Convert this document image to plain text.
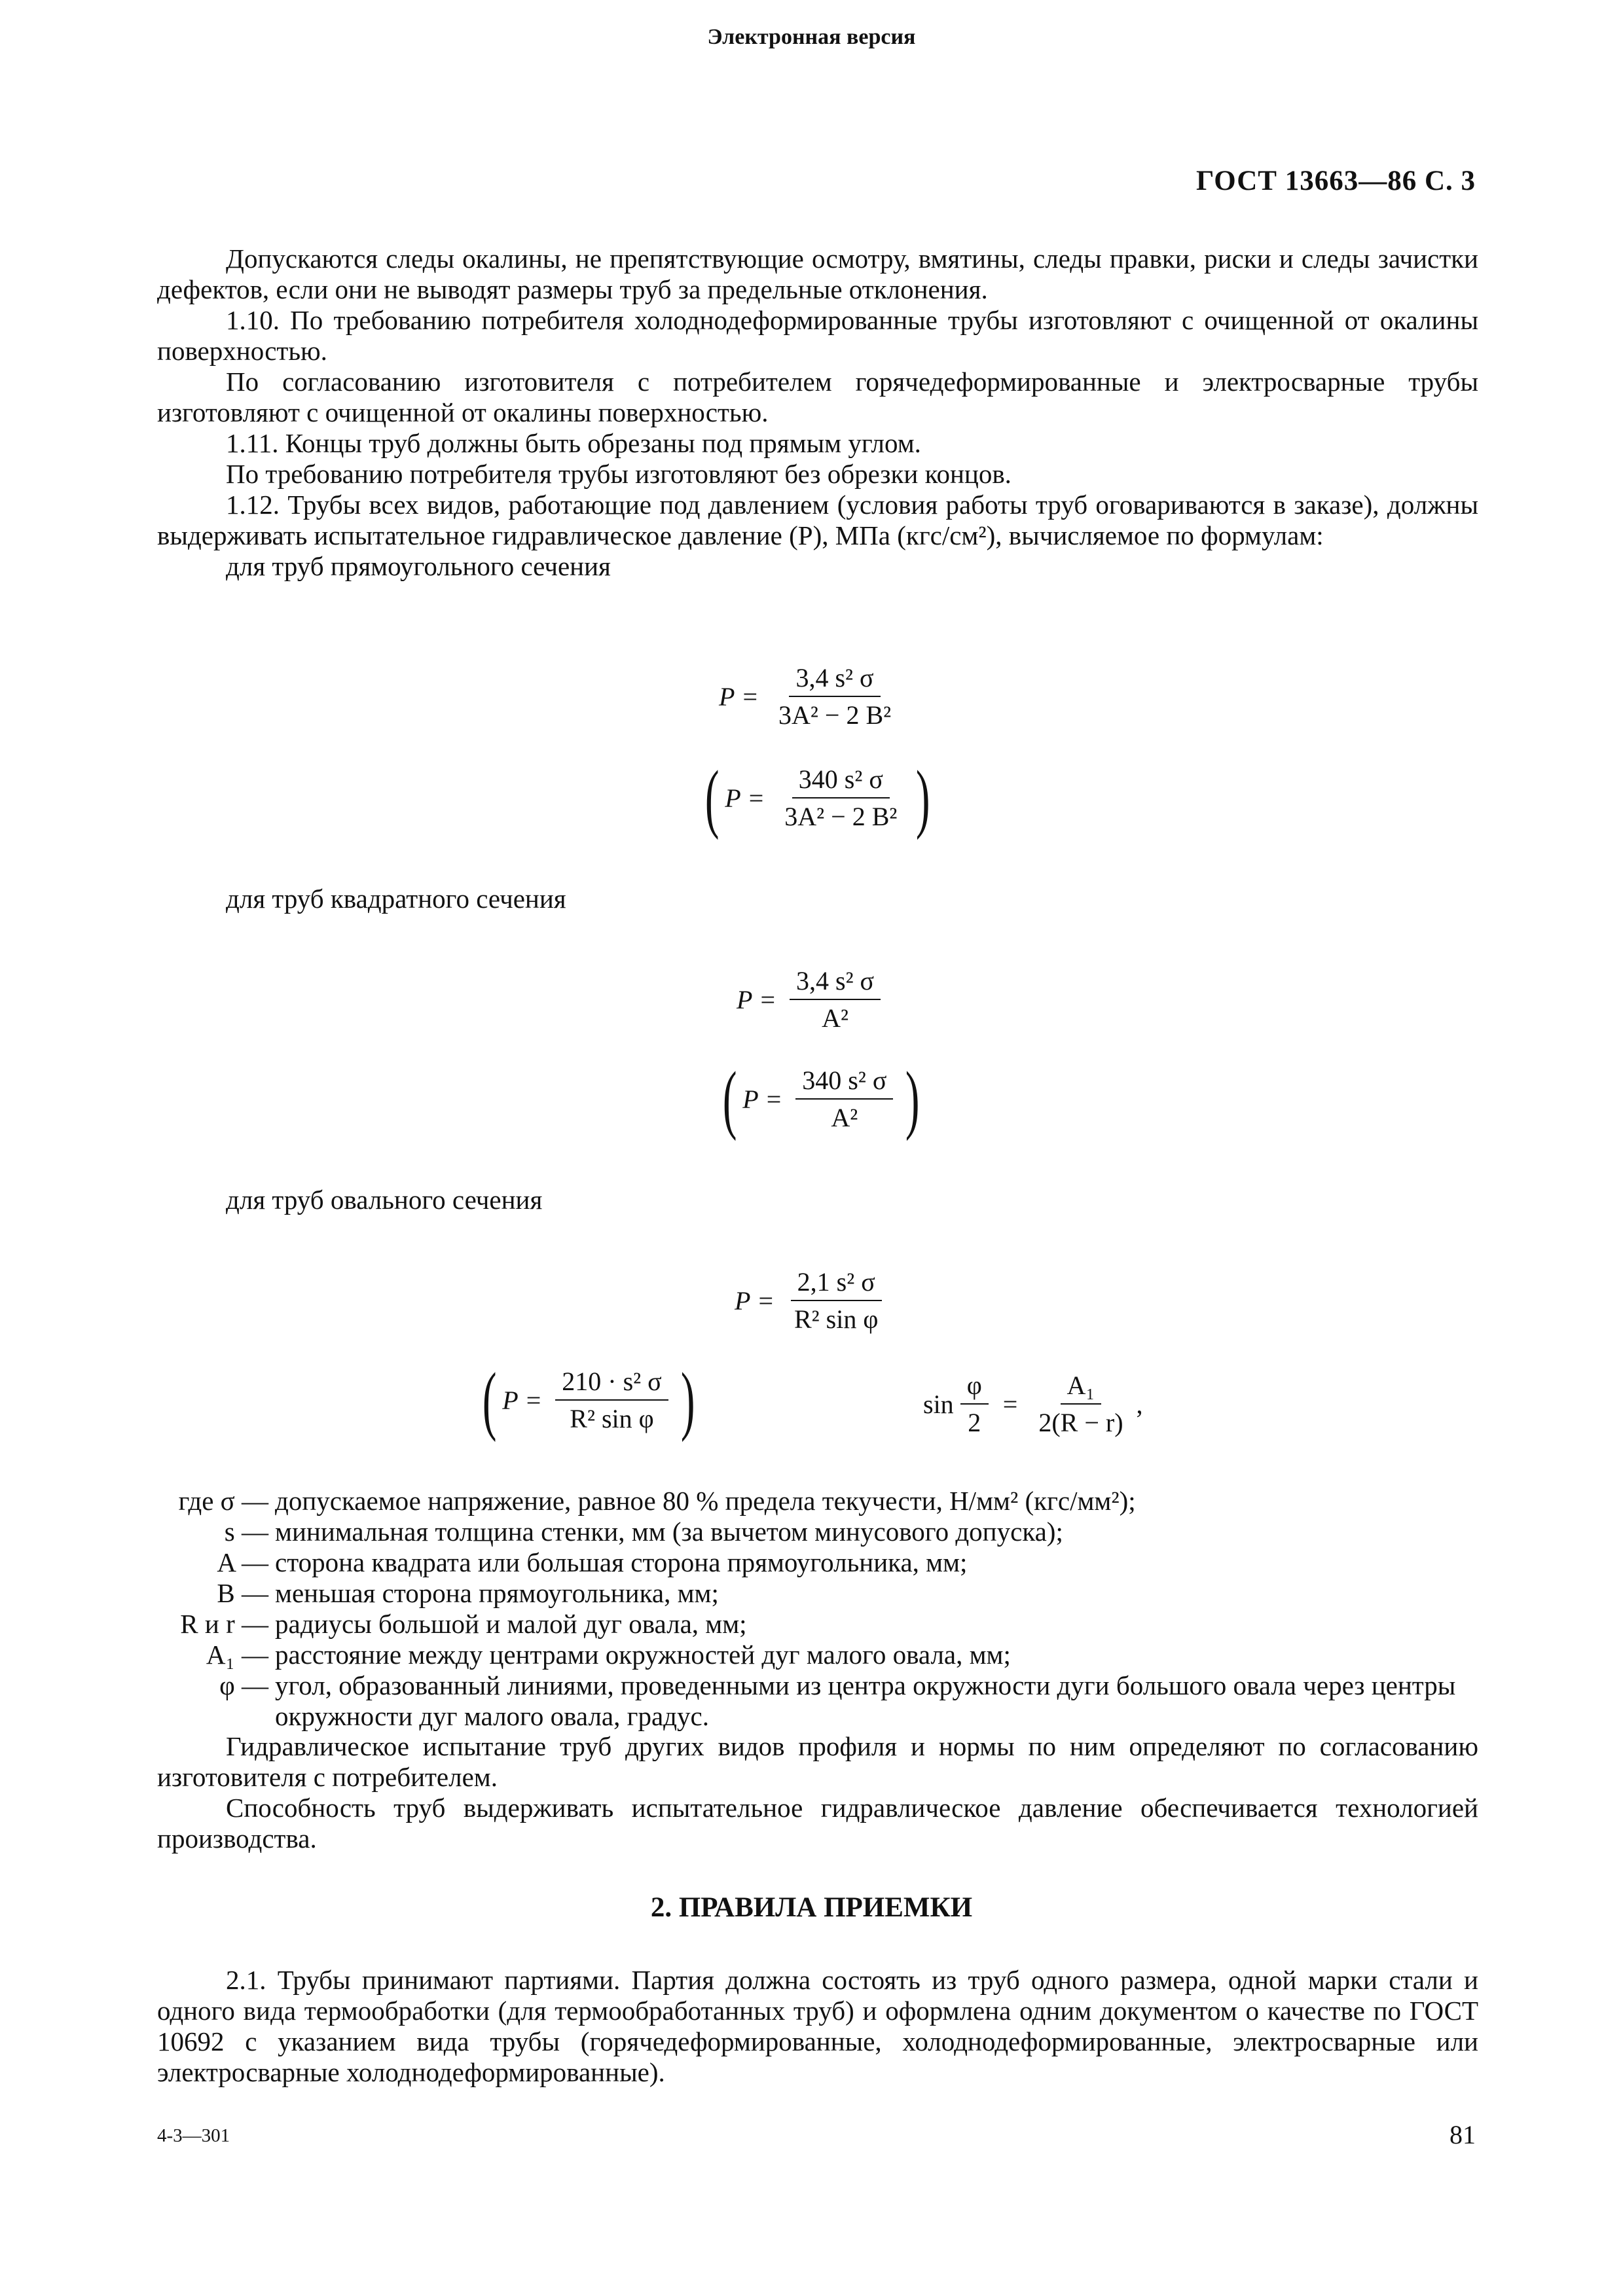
Электронная версия
ГОСТ 13663—86 С. 3

Допускаются следы окалины, не препятствующие осмотру, вмятины, следы правки, риски и следы зачистки дефектов, если они не выводят размеры труб за предельные отклонения.

1.10. По требованию потребителя холоднодеформированные трубы изготовляют с очищенной от окалины поверхностью.

По согласованию изготовителя с потребителем горячедеформированные и электросварные трубы изготовляют с очищенной от окалины поверхностью.

1.11. Концы труб должны быть обрезаны под прямым углом.

По требованию потребителя трубы изготовляют без обрезки концов.

1.12. Трубы всех видов, работающие под давлением (условия работы труб оговариваются в заказе), должны выдерживать испытательное гидравлическое давление (P), МПа (кгс/см²), вычисляемое по формулам:

для труб прямоугольного сечения

$P = \frac{\text{3,4 s² σ}}{\text{3A² − 2 B²}}$
( $P = \frac{\text{340 s² σ}}{\text{3A² − 2 B²}}$ )

для труб квадратного сечения

$P = \frac{\text{3,4 s² σ}}{\text{A²}}$
( $P = \frac{\text{340 s² σ}}{\text{A²}}$ )

для труб овального сечения

$P = \frac{\text{2,1 s² σ}}{\text{R² sin φ}}$
( $P = \frac{\text{210 · s² σ}}{\text{R² sin φ}}$ )	$\sin \frac{\varphi}{2} = \frac{\text{A₁}}{2(R - r)}$ ,
где σ — допускаемое напряжение, равное 80 % предела текучести, Н/мм² (кгс/мм²);
s — минимальная толщина стенки, мм (за вычетом минусового допуска);
A — сторона квадрата или большая сторона прямоугольника, мм;
B — меньшая сторона прямоугольника, мм;
R и r — радиусы большой и малой дуг овала, мм;
A₁ — расстояние между центрами окружностей дуг малого овала, мм;
φ — угол, образованный линиями, проведенными из центра окружности дуги большого овала через центры окружности дуг малого овала, градус.

Гидравлическое испытание труб других видов профиля и нормы по ним определяют по согласованию изготовителя с потребителем.

Способность труб выдерживать испытательное гидравлическое давление обеспечивается технологией производства.

2. ПРАВИЛА ПРИЕМКИ

2.1. Трубы принимают партиями. Партия должна состоять из труб одного размера, одной марки стали и одного вида термообработки (для термообработанных труб) и оформлена одним документом о качестве по ГОСТ 10692 с указанием вида трубы (горячедеформированные, холоднодеформированные, электросварные или электросварные холоднодеформированные).

4-3—301	81
